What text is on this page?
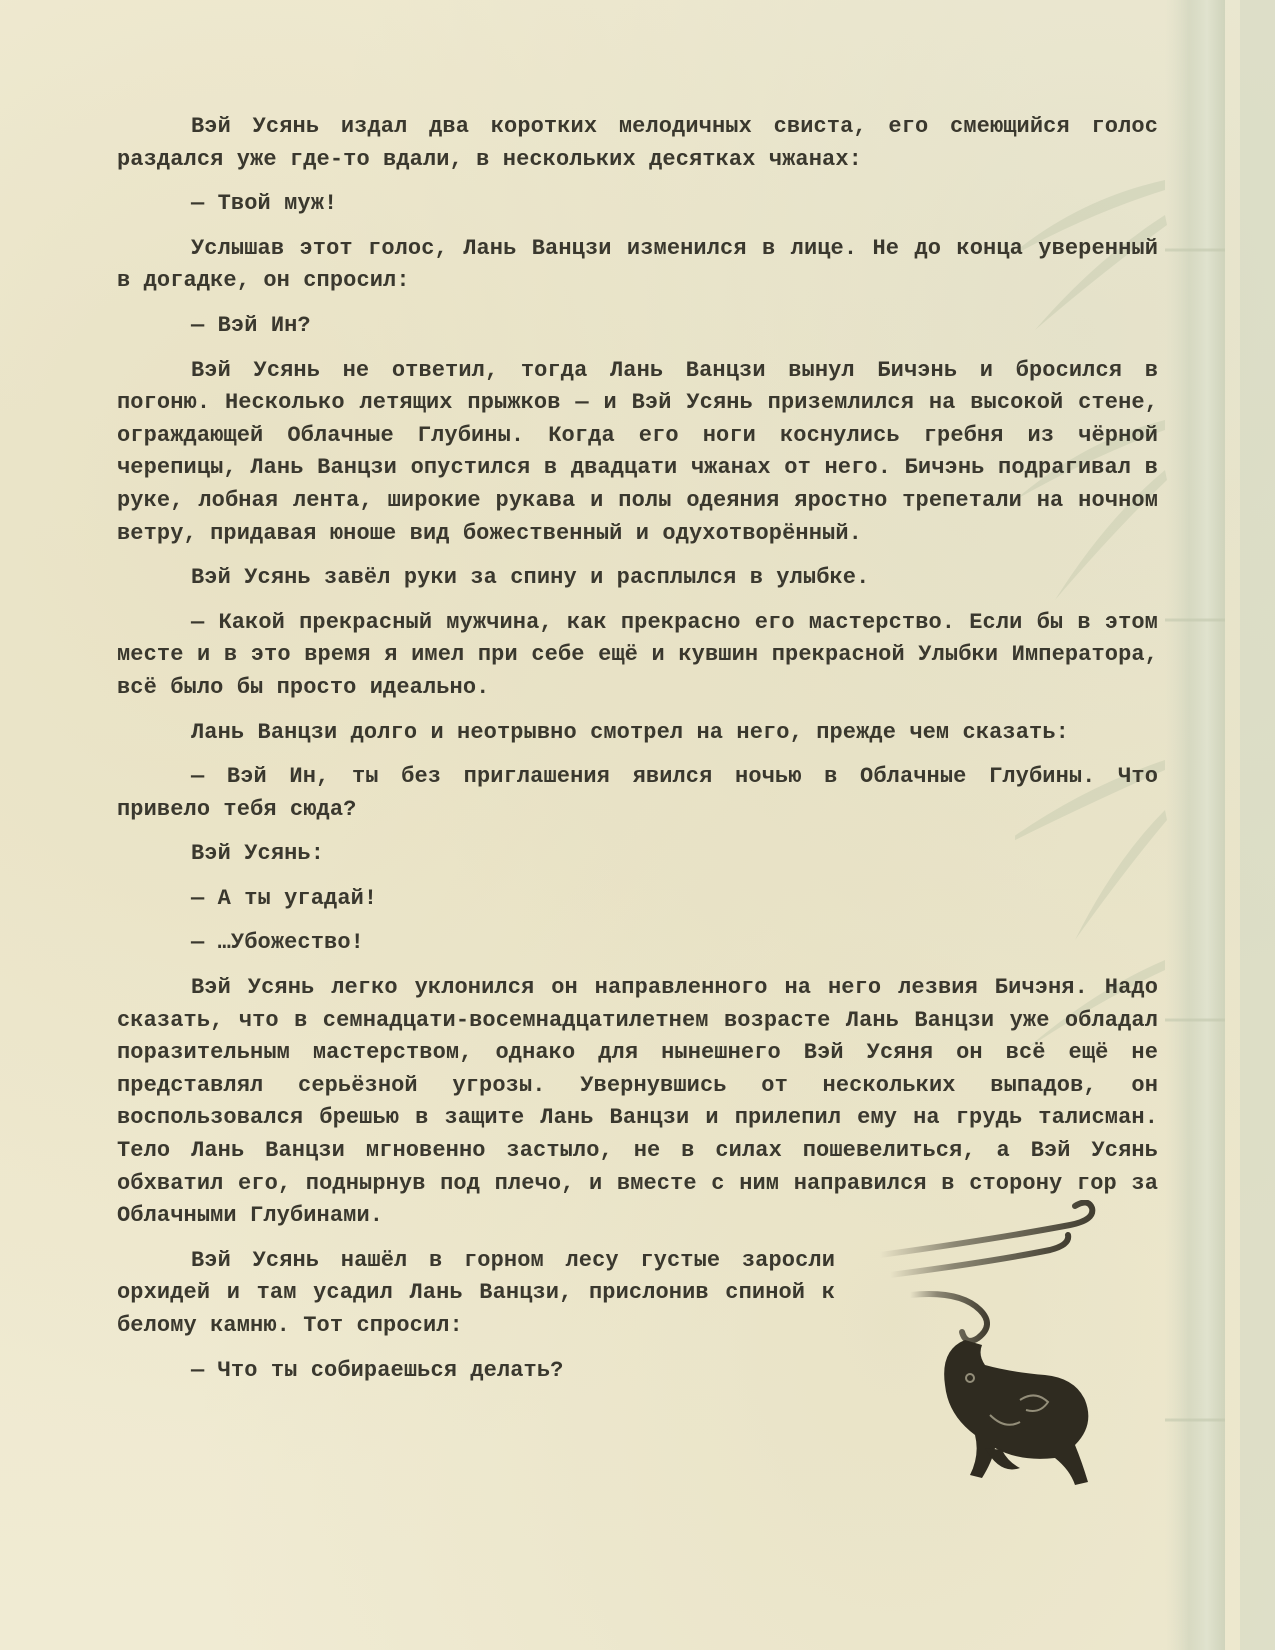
Вэй Усянь издал два коротких мелодичных свиста, его смеющийся голос раздался уже где-то вдали, в нескольких десятках чжанах:

— Твой муж!

Услышав этот голос, Лань Ванцзи изменился в лице. Не до конца уверенный в догадке, он спросил:

— Вэй Ин?

Вэй Усянь не ответил, тогда Лань Ванцзи вынул Бичэнь и бросился в погоню. Несколько летящих прыжков — и Вэй Усянь приземлился на высокой стене, ограждающей Облачные Глубины. Когда его ноги коснулись гребня из чёрной черепицы, Лань Ванцзи опустился в двадцати чжанах от него. Бичэнь подрагивал в руке, лобная лента, широкие рукава и полы одеяния яростно трепетали на ночном ветру, придавая юноше вид божественный и одухотворённый.

Вэй Усянь завёл руки за спину и расплылся в улыбке.

— Какой прекрасный мужчина, как прекрасно его мастерство. Если бы в этом месте и в это время я имел при себе ещё и кувшин прекрасной Улыбки Императора, всё было бы просто идеально.

Лань Ванцзи долго и неотрывно смотрел на него, прежде чем сказать:

— Вэй Ин, ты без приглашения явился ночью в Облачные Глубины. Что привело тебя сюда?

Вэй Усянь:

— А ты угадай!

— …Убожество!

Вэй Усянь легко уклонился он направленного на него лезвия Бичэня. Надо сказать, что в семнадцати-восемнадцатилетнем возрасте Лань Ванцзи уже обладал поразительным мастерством, однако для нынешнего Вэй Усяня он всё ещё не представлял серьёзной угрозы. Увернувшись от нескольких выпадов, он воспользовался брешью в защите Лань Ванцзи и прилепил ему на грудь талисман. Тело Лань Ванцзи мгновенно застыло, не в силах пошевелиться, а Вэй Усянь обхватил его, поднырнув под плечо, и вместе с ним направился в сторону гор за Облачными Глубинами.

Вэй Усянь нашёл в горном лесу густые заросли орхидей и там усадил Лань Ванцзи, прислонив спиной к белому камню. Тот спросил:

— Что ты собираешься делать?
